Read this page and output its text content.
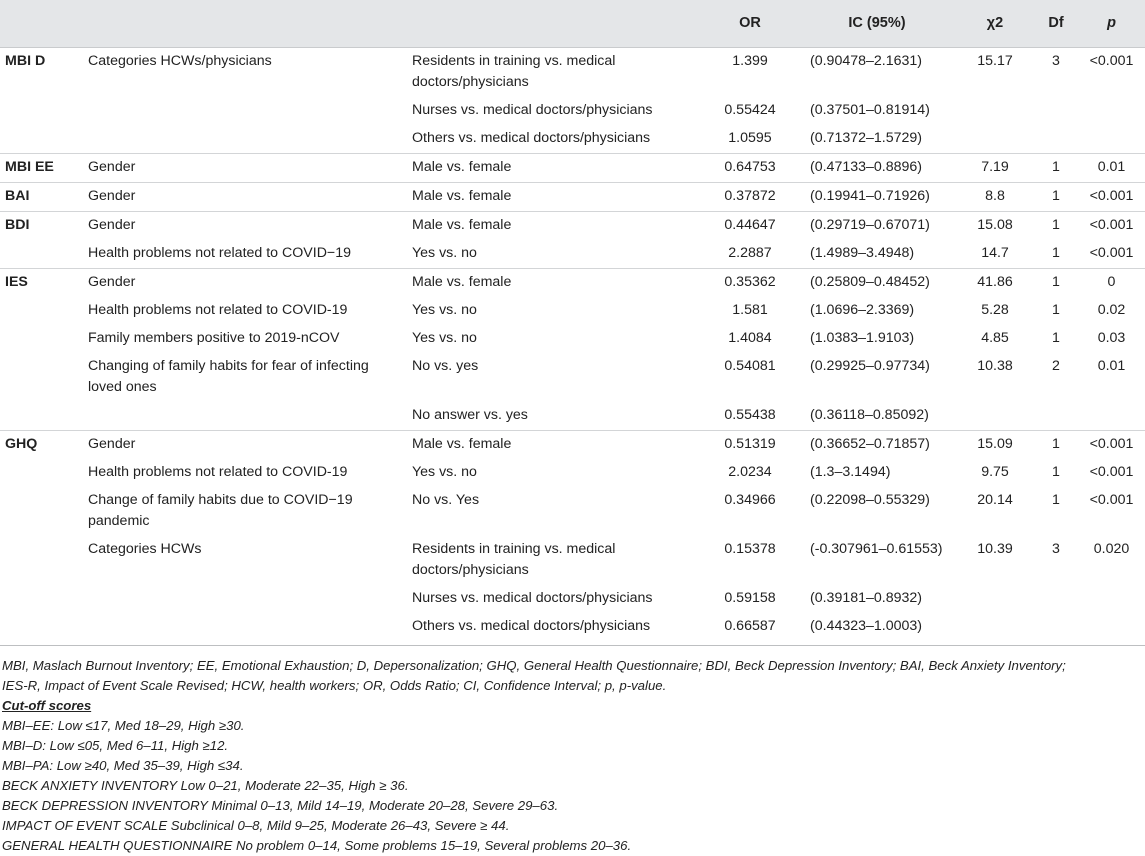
			OR	IC (95%)	χ2	Df	p
MBI D	Categories HCWs/physicians	Residents in training vs. medical doctors/physicians	1.399	(0.90478–2.1631)	15.17	3	<0.001
		Nurses vs. medical doctors/physicians	0.55424	(0.37501–0.81914)			
		Others vs. medical doctors/physicians	1.0595	(0.71372–1.5729)			
MBI EE	Gender	Male vs. female	0.64753	(0.47133–0.8896)	7.19	1	0.01
BAI	Gender	Male vs. female	0.37872	(0.19941–0.71926)	8.8	1	<0.001
BDI	Gender	Male vs. female	0.44647	(0.29719–0.67071)	15.08	1	<0.001
	Health problems not related to COVID−19	Yes vs. no	2.2887	(1.4989–3.4948)	14.7	1	<0.001
IES	Gender	Male vs. female	0.35362	(0.25809–0.48452)	41.86	1	0
	Health problems not related to COVID-19	Yes vs. no	1.581	(1.0696–2.3369)	5.28	1	0.02
	Family members positive to 2019-nCOV	Yes vs. no	1.4084	(1.0383–1.9103)	4.85	1	0.03
	Changing of family habits for fear of infecting loved ones	No vs. yes	0.54081	(0.29925–0.97734)	10.38	2	0.01
		No answer vs. yes	0.55438	(0.36118–0.85092)			
GHQ	Gender	Male vs. female	0.51319	(0.36652–0.71857)	15.09	1	<0.001
	Health problems not related to COVID-19	Yes vs. no	2.0234	(1.3–3.1494)	9.75	1	<0.001
	Change of family habits due to COVID−19 pandemic	No vs. Yes	0.34966	(0.22098–0.55329)	20.14	1	<0.001
	Categories HCWs	Residents in training vs. medical doctors/physicians	0.15378	(-0.307961–0.61553)	10.39	3	0.020
		Nurses vs. medical doctors/physicians	0.59158	(0.39181–0.8932)			
		Others vs. medical doctors/physicians	0.66587	(0.44323–1.0003)			
MBI, Maslach Burnout Inventory; EE, Emotional Exhaustion; D, Depersonalization; GHQ, General Health Questionnaire; BDI, Beck Depression Inventory; BAI, Beck Anxiety Inventory;
IES-R, Impact of Event Scale Revised; HCW, health workers; OR, Odds Ratio; CI, Confidence Interval; p, p-value.
Cut-off scores
MBI–EE: Low ≤17, Med 18–29, High ≥30.
MBI–D: Low ≤05, Med 6–11, High ≥12.
MBI–PA: Low ≥40, Med 35–39, High ≤34.
BECK ANXIETY INVENTORY Low 0–21, Moderate 22–35, High ≥ 36.
BECK DEPRESSION INVENTORY Minimal 0–13, Mild 14–19, Moderate 20–28, Severe 29–63.
IMPACT OF EVENT SCALE Subclinical 0–8, Mild 9–25, Moderate 26–43, Severe ≥ 44.
GENERAL HEALTH QUESTIONNAIRE No problem 0–14, Some problems 15–19, Several problems 20–36.
